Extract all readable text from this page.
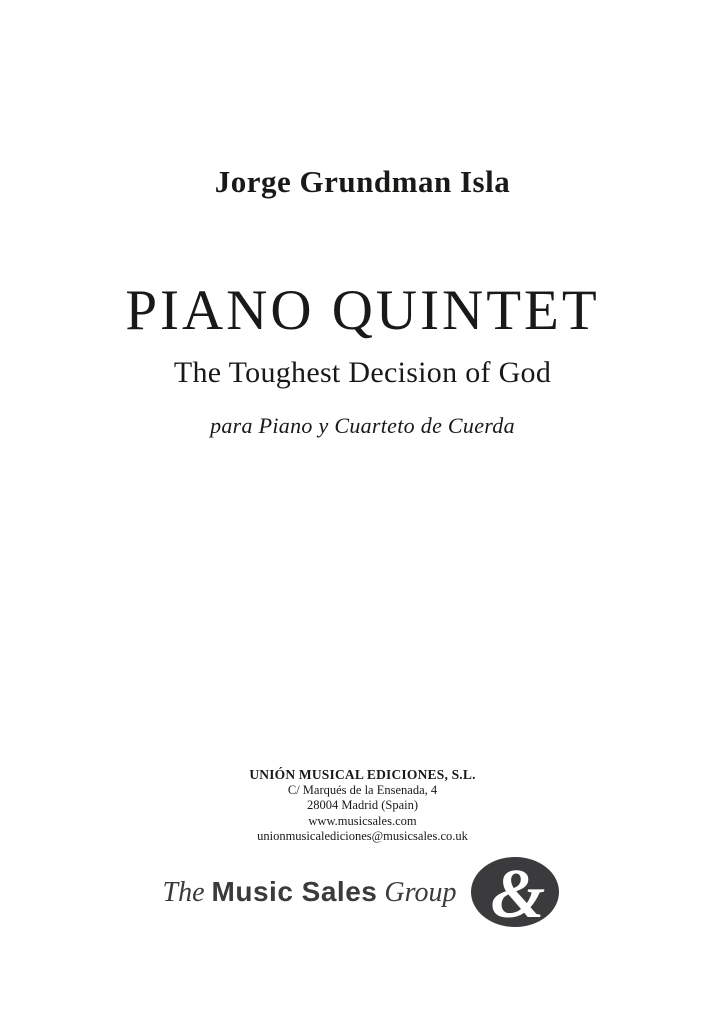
Jorge Grundman Isla
PIANO QUINTET
The Toughest Decision of God
para Piano y Cuarteto de Cuerda
UNIÓN MUSICAL EDICIONES, S.L.
C/ Marqués de la Ensenada, 4
28004 Madrid (Spain)
www.musicsales.com
unionmusicalediciones@musicsales.co.uk
The Music Sales Group &
